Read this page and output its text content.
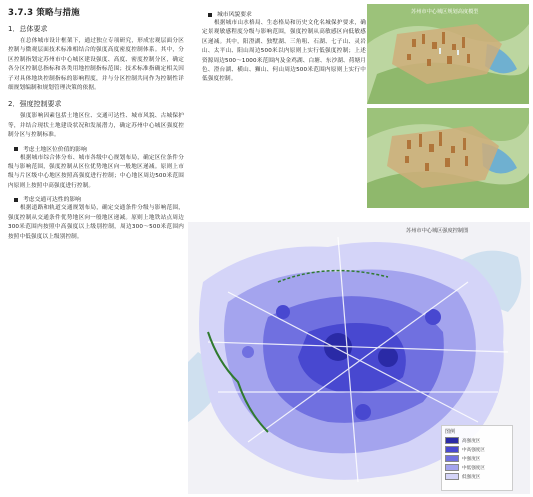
3.7.3 策略与措施
1．总体要求
在总体城市设计框架下，通过独立专项研究，形成宏观层面分区控制与微观层面技术标准相结合的强度高度密度控制体系。其中，分区控制指划定苏州市中心城区建设强度、高度、密度控制分区，确定各分区控制总指标和各类用地控制指标范围；技术标准指确定相关因子对具体地块控制指标的影响程度，并与分区控制共同作为控制性详细规划编制和规划管理决策的依据。
2．强度控制要求
强度影响因素包括土地区位、交通可达性、城市风貌、古城保护等，并结合现状土地建设状况和发展潜力，确定苏州中心城区强度控制分区与控制标准。
考虑土地区位价值的影响
根据城市综合体分布、城市各级中心规划布局，确定区位条件分级与影响范围，强度控制从区位优势地区向一般地区递减。原则上市级与片区级中心地区按照高强度进行控制；中心地区周边500米范围内原则上按照中高强度进行控制。
考虑交通可达性的影响
根据道路和轨道交通规划布局，确定交通条件分级与影响范围，强度控制从交通条件优势地区向一般地区递减。原则上地铁站点周边300米范围内按照中高强度以上级别控制，周边300～500米范围内按照中低强度以上级别控制。
城市风貌要求
根据城市山水格局、生态格局和历史文化名城保护要求，确定景观敏感程度分级与影响范围，强度控制从高敏感区向低敏感区递减。其中，阳澄湖、独墅湖、三角咀、石湖、七子山、灵岩山、太平山、阳山周边500米以内原则上实行低强度控制；上述资源周边500～1000米范围内及金鸡湖、白塘、东沙湖、荷塘月色、澄台湖、横山、狮山、何山周边500米范围内原则上实行中低强度控制。
苏州市中心城区规划高度模型
苏州市中心城区强度控制图
图例
高强度区
中高强度区
中强度区
中低强度区
低强度区
